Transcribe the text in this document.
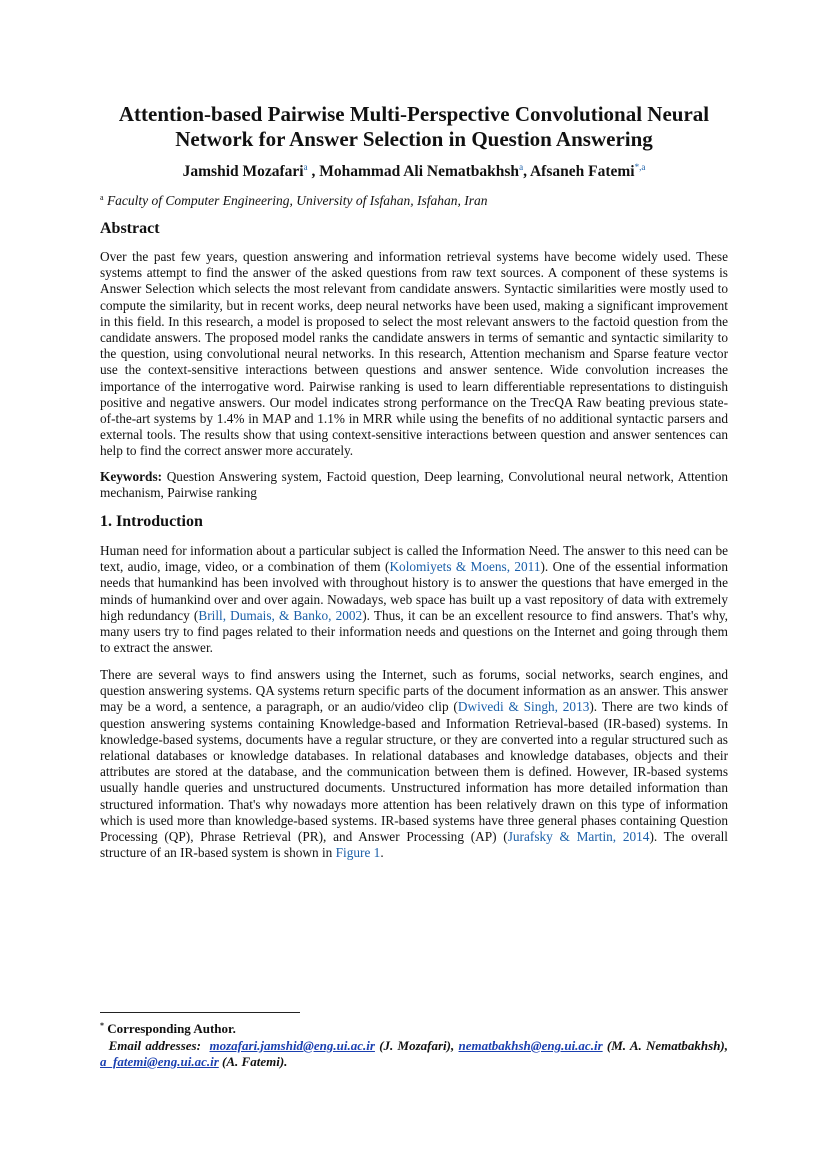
Attention-based Pairwise Multi-Perspective Convolutional Neural Network for Answer Selection in Question Answering
Jamshid Mozafari$^a$ , Mohammad Ali Nematbakhsh$^a$, Afsaneh Fatemi$^{*,a}$
$^a$ Faculty of Computer Engineering, University of Isfahan, Isfahan, Iran
Abstract

Over the past few years, question answering and information retrieval systems have become widely used. These systems attempt to find the answer of the asked questions from raw text sources. A component of these systems is Answer Selection which selects the most relevant from candidate answers. Syntactic similarities were mostly used to compute the similarity, but in recent works, deep neural networks have been used, making a significant improvement in this field. In this research, a model is proposed to select the most relevant answers to the factoid question from the candidate answers. The proposed model ranks the candidate answers in terms of semantic and syntactic similarity to the question, using convolutional neural networks. In this research, Attention mechanism and Sparse feature vector use the context-sensitive interactions between questions and answer sentence. Wide convolution increases the importance of the interrogative word. Pairwise ranking is used to learn differentiable representations to distinguish positive and negative answers. Our model indicates strong performance on the TrecQA Raw beating previous state-of-the-art systems by 1.4% in MAP and 1.1% in MRR while using the benefits of no additional syntactic parsers and external tools. The results show that using context-sensitive interactions between question and answer sentences can help to find the correct answer more accurately.

Keywords: Question Answering system, Factoid question, Deep learning, Convolutional neural network, Attention mechanism, Pairwise ranking

1. Introduction

Human need for information about a particular subject is called the Information Need. The answer to this need can be text, audio, image, video, or a combination of them (Kolomiyets & Moens, 2011). One of the essential information needs that humankind has been involved with throughout history is to answer the questions that have emerged in the minds of humankind over and over again. Nowadays, web space has built up a vast repository of data with extremely high redundancy (Brill, Dumais, & Banko, 2002). Thus, it can be an excellent resource to find answers. That's why, many users try to find pages related to their information needs and questions on the Internet and going through them to extract the answer.

There are several ways to find answers using the Internet, such as forums, social networks, search engines, and question answering systems. QA systems return specific parts of the document information as an answer. This answer may be a word, a sentence, a paragraph, or an audio/video clip (Dwivedi & Singh, 2013). There are two kinds of question answering systems containing Knowledge-based and Information Retrieval-based (IR-based) systems. In knowledge-based systems, documents have a regular structure, or they are converted into a regular structured such as relational databases or knowledge databases. In relational databases and knowledge databases, objects and their attributes are stored at the database, and the communication between them is defined. However, IR-based systems usually handle queries and unstructured documents. Unstructured information has more detailed information than structured information. That's why nowadays more attention has been relatively drawn on this type of information which is used more than knowledge-based systems. IR-based systems have three general phases containing Question Processing (QP), Phrase Retrieval (PR), and Answer Processing (AP) (Jurafsky & Martin, 2014). The overall structure of an IR-based system is shown in Figure 1.

* Corresponding Author.
Email addresses: mozafari.jamshid@eng.ui.ac.ir (J. Mozafari), nematbakhsh@eng.ui.ac.ir (M. A. Nematbakhsh), a_fatemi@eng.ui.ac.ir (A. Fatemi).
